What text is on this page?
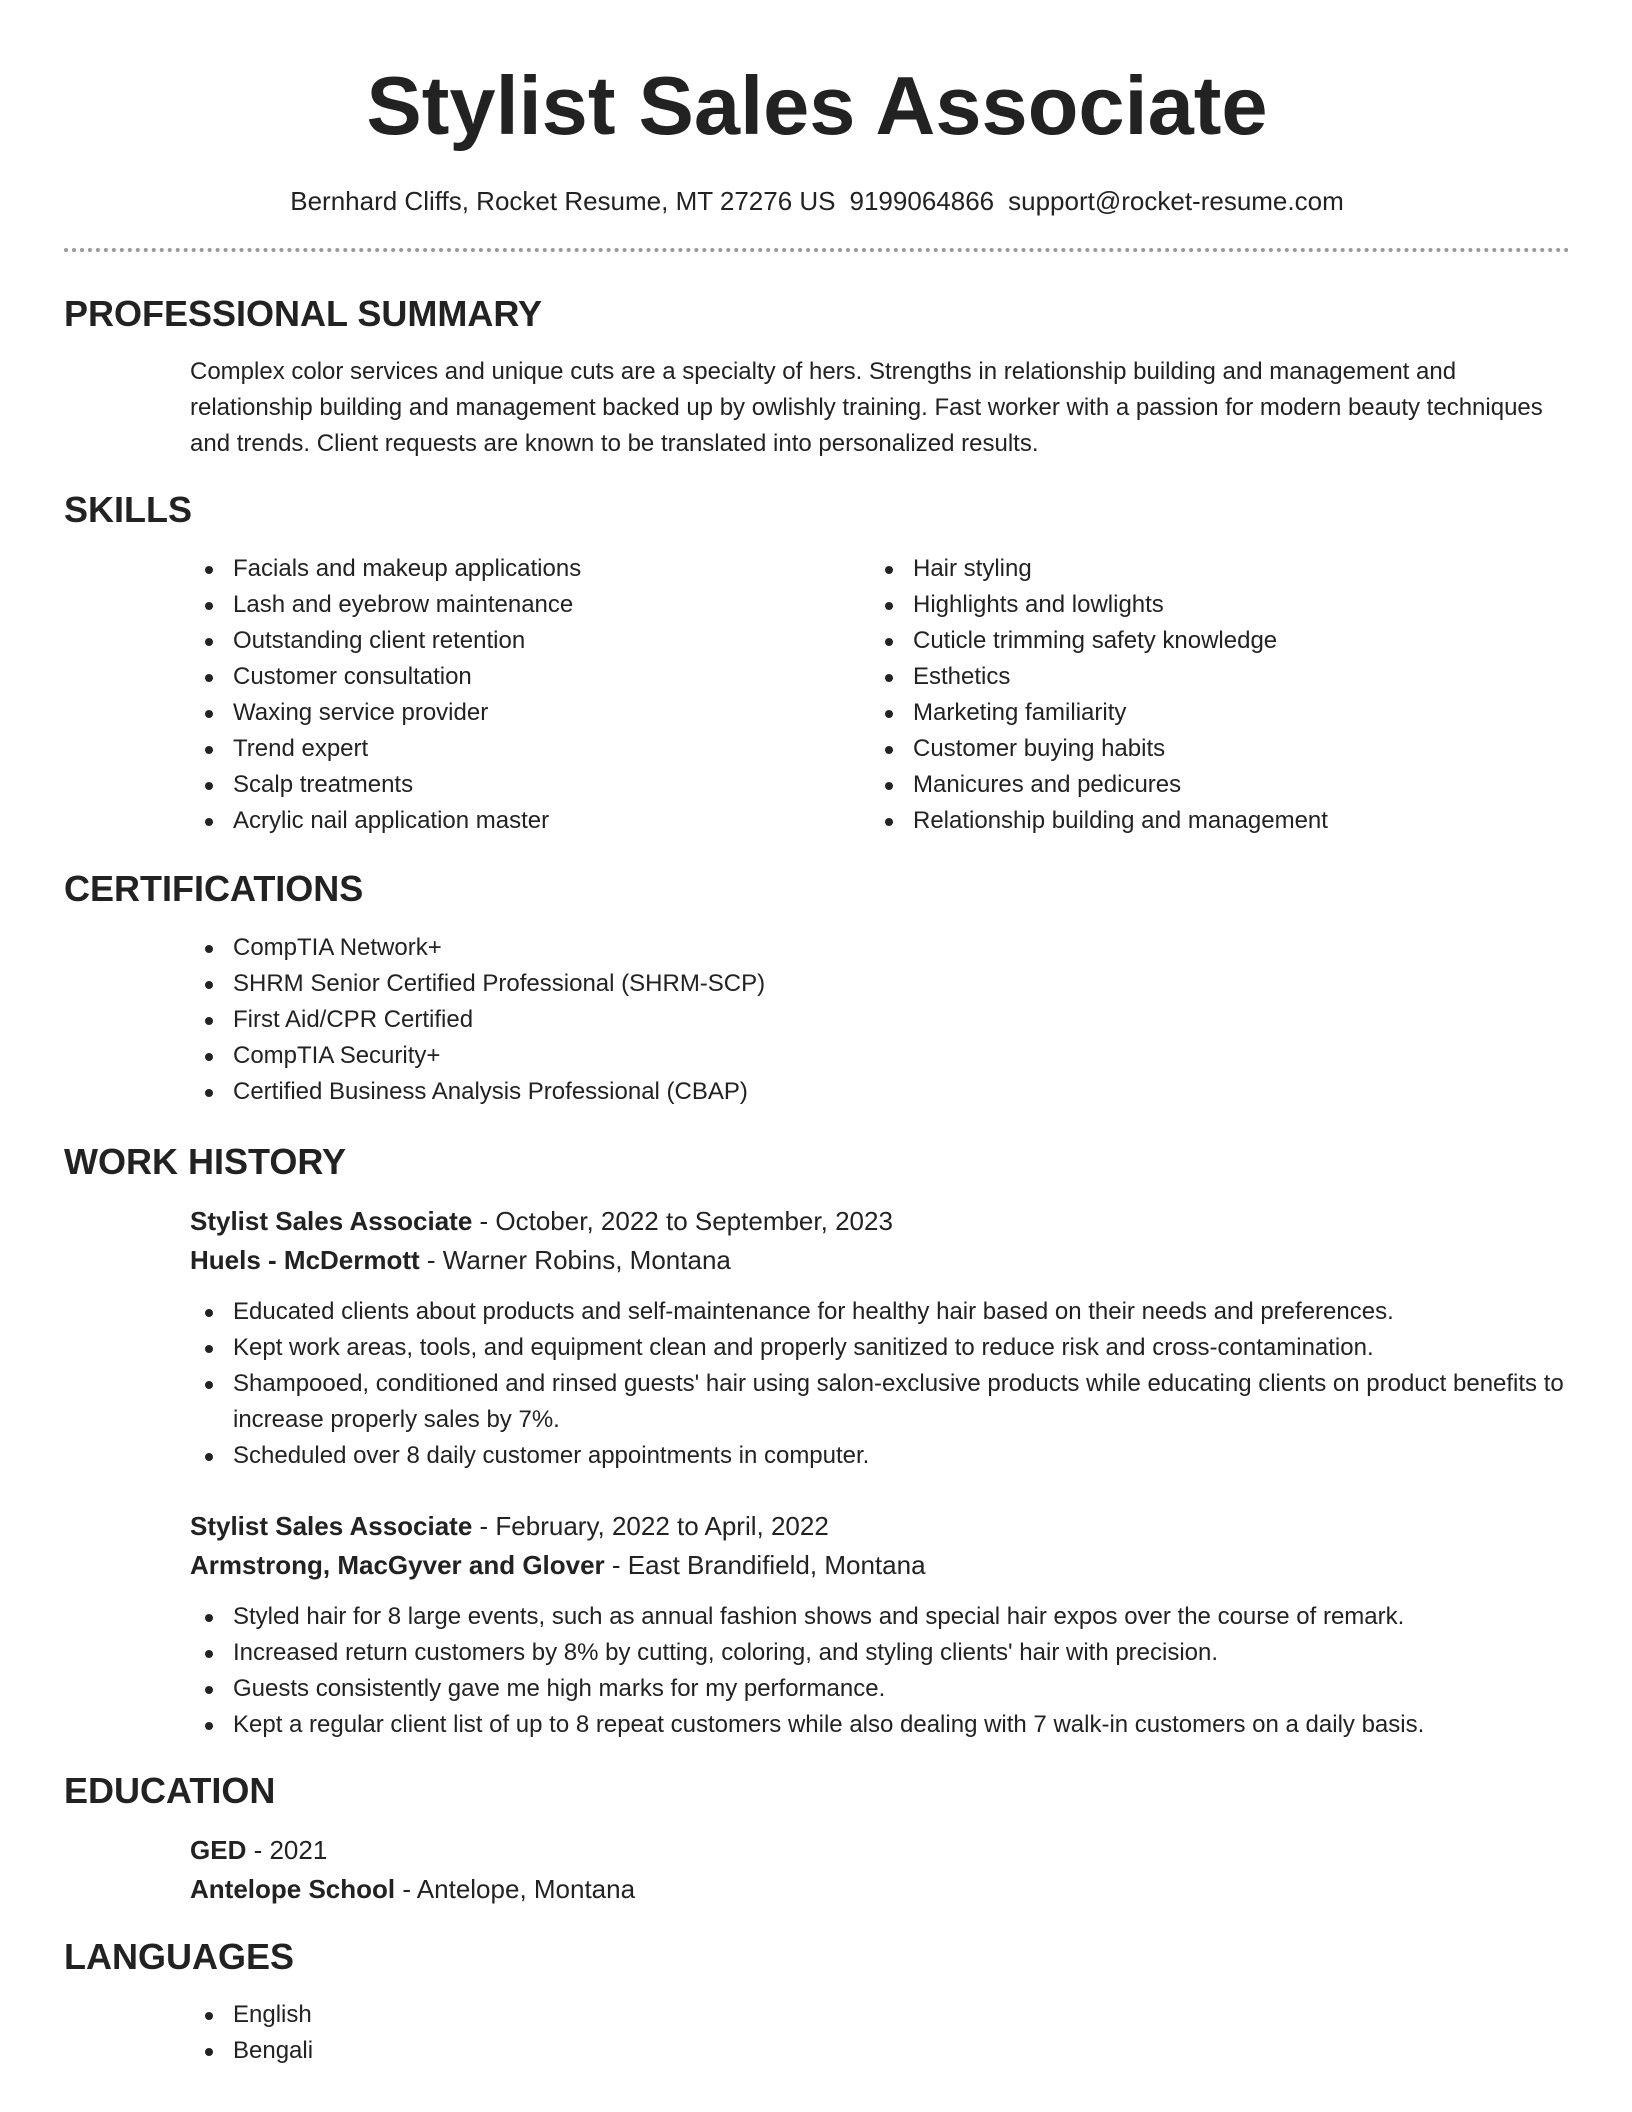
Stylist Sales Associate
Bernhard Cliffs, Rocket Resume, MT 27276 US 9199064866 support@rocket-resume.com
PROFESSIONAL SUMMARY

Complex color services and unique cuts are a specialty of hers. Strengths in relationship building and management and relationship building and management backed up by owlishly training. Fast worker with a passion for modern beauty techniques and trends. Client requests are known to be translated into personalized results.

SKILLS
Facials and makeup applications
Lash and eyebrow maintenance
Outstanding client retention
Customer consultation
Waxing service provider
Trend expert
Scalp treatments
Acrylic nail application master
Hair styling
Highlights and lowlights
Cuticle trimming safety knowledge
Esthetics
Marketing familiarity
Customer buying habits
Manicures and pedicures
Relationship building and management
CERTIFICATIONS
CompTIA Network+
SHRM Senior Certified Professional (SHRM-SCP)
First Aid/CPR Certified
CompTIA Security+
Certified Business Analysis Professional (CBAP)
WORK HISTORY
Stylist Sales Associate - October, 2022 to September, 2023
Huels - McDermott - Warner Robins, Montana
Educated clients about products and self-maintenance for healthy hair based on their needs and preferences.
Kept work areas, tools, and equipment clean and properly sanitized to reduce risk and cross-contamination.
Shampooed, conditioned and rinsed guests' hair using salon-exclusive products while educating clients on product benefits to increase properly sales by 7%.
Scheduled over 8 daily customer appointments in computer.
Stylist Sales Associate - February, 2022 to April, 2022
Armstrong, MacGyver and Glover - East Brandifield, Montana
Styled hair for 8 large events, such as annual fashion shows and special hair expos over the course of remark.
Increased return customers by 8% by cutting, coloring, and styling clients' hair with precision.
Guests consistently gave me high marks for my performance.
Kept a regular client list of up to 8 repeat customers while also dealing with 7 walk-in customers on a daily basis.
EDUCATION
GED - 2021
Antelope School - Antelope, Montana
LANGUAGES
English
Bengali
